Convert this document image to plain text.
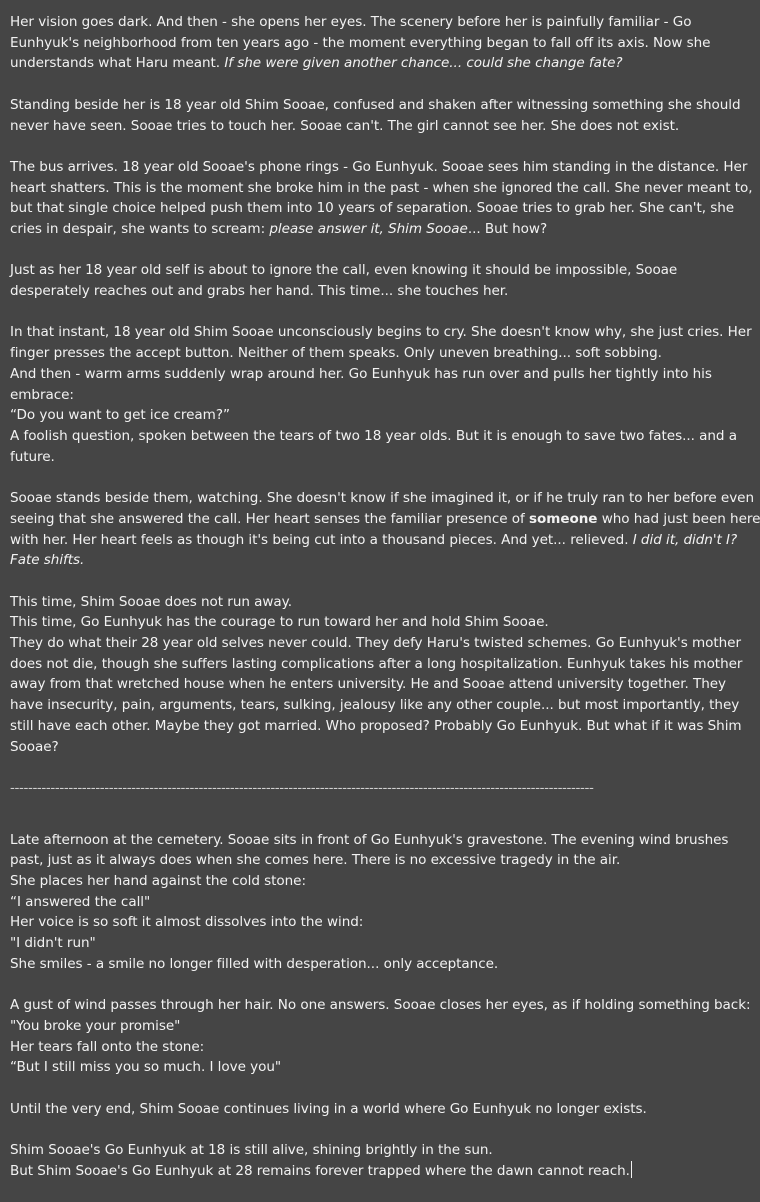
Her vision goes dark. And then - she opens her eyes. The scenery before her is painfully familiar - Go
Eunhyuk's neighborhood from ten years ago - the moment everything began to fall off its axis. Now she
understands what Haru meant. If she were given another chance... could she change fate?
Standing beside her is 18 year old Shim Sooae, confused and shaken after witnessing something she should
never have seen. Sooae tries to touch her. Sooae can't. The girl cannot see her. She does not exist.
The bus arrives. 18 year old Sooae's phone rings - Go Eunhyuk. Sooae sees him standing in the distance. Her
heart shatters. This is the moment she broke him in the past - when she ignored the call. She never meant to,
but that single choice helped push them into 10 years of separation. Sooae tries to grab her. She can't, she
cries in despair, she wants to scream: please answer it, Shim Sooae... But how?
Just as her 18 year old self is about to ignore the call, even knowing it should be impossible, Sooae
desperately reaches out and grabs her hand. This time... she touches her.
In that instant, 18 year old Shim Sooae unconsciously begins to cry. She doesn't know why, she just cries. Her
finger presses the accept button. Neither of them speaks. Only uneven breathing... soft sobbing.
And then - warm arms suddenly wrap around her. Go Eunhyuk has run over and pulls her tightly into his
embrace:
“Do you want to get ice cream?”
A foolish question, spoken between the tears of two 18 year olds. But it is enough to save two fates... and a
future.
Sooae stands beside them, watching. She doesn't know if she imagined it, or if he truly ran to her before even
seeing that she answered the call. Her heart senses the familiar presence of someone who had just been here
with her. Her heart feels as though it's being cut into a thousand pieces. And yet... relieved. I did it, didn't I?
Fate shifts.
This time, Shim Sooae does not run away.
This time, Go Eunhyuk has the courage to run toward her and hold Shim Sooae.
They do what their 28 year old selves never could. They defy Haru's twisted schemes. Go Eunhyuk's mother
does not die, though she suffers lasting complications after a long hospitalization. Eunhyuk takes his mother
away from that wretched house when he enters university. He and Sooae attend university together. They
have insecurity, pain, arguments, tears, sulking, jealousy like any other couple... but most importantly, they
still have each other. Maybe they got married. Who proposed? Probably Go Eunhyuk. But what if it was Shim
Sooae?
----------------------------------------------------------------------------------------------------------------------------------
Late afternoon at the cemetery. Sooae sits in front of Go Eunhyuk's gravestone. The evening wind brushes
past, just as it always does when she comes here. There is no excessive tragedy in the air.
She places her hand against the cold stone:
“I answered the call"
Her voice is so soft it almost dissolves into the wind:
"I didn't run"
She smiles - a smile no longer filled with desperation... only acceptance.
A gust of wind passes through her hair. No one answers. Sooae closes her eyes, as if holding something back:
"You broke your promise"
Her tears fall onto the stone:
“But I still miss you so much. I love you"
Until the very end, Shim Sooae continues living in a world where Go Eunhyuk no longer exists.
Shim Sooae's Go Eunhyuk at 18 is still alive, shining brightly in the sun.
But Shim Sooae's Go Eunhyuk at 28 remains forever trapped where the dawn cannot reach.
